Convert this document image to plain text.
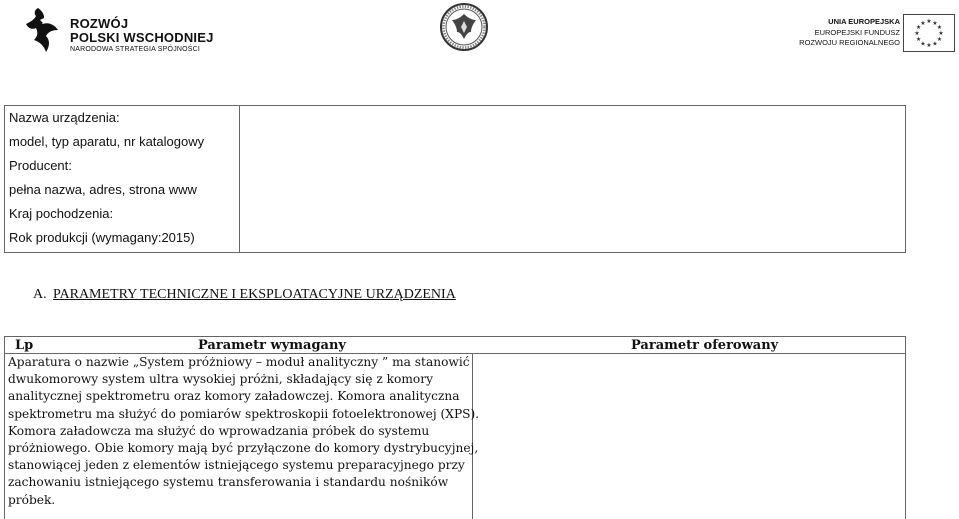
ROZWÓJ
POLSKI WSCHODNIEJ
NARODOWA STRATEGIA SPÓJNOŚCI
UNIA EUROPEJSKA
EUROPEJSKI FUNDUSZ
ROZWOJU REGIONALNEGO
★ ★
★
★
★
★
★
★
★
★
★
★
Nazwa urządzenia:
model, typ aparatu, nr katalogowy
Producent:
pełna nazwa, adres, strona www
Kraj pochodzenia:
Rok produkcji (wymagany:2015)
A. PARAMETRY TECHNICZNE I EKSPLOATACYJNE URZĄDZENIA
Lp	Parametr wymagany	Parametr oferowany
Aparatura o nazwie „System próżniowy – moduł analityczny ” ma stanowić
dwukomorowy system ultra wysokiej próżni, składający się z komory
analitycznej spektrometru oraz komory załadowczej. Komora analityczna
spektrometru ma służyć do pomiarów spektroskopii fotoelektronowej (XPS).
Komora załadowcza ma służyć do wprowadzania próbek do systemu
próżniowego. Obie komory mają być przyłączone do komory dystrybucyjnej,
stanowiącej jeden z elementów istniejącego systemu preparacyjnego przy
zachowaniu istniejącego systemu transferowania i standardu nośników
próbek.
